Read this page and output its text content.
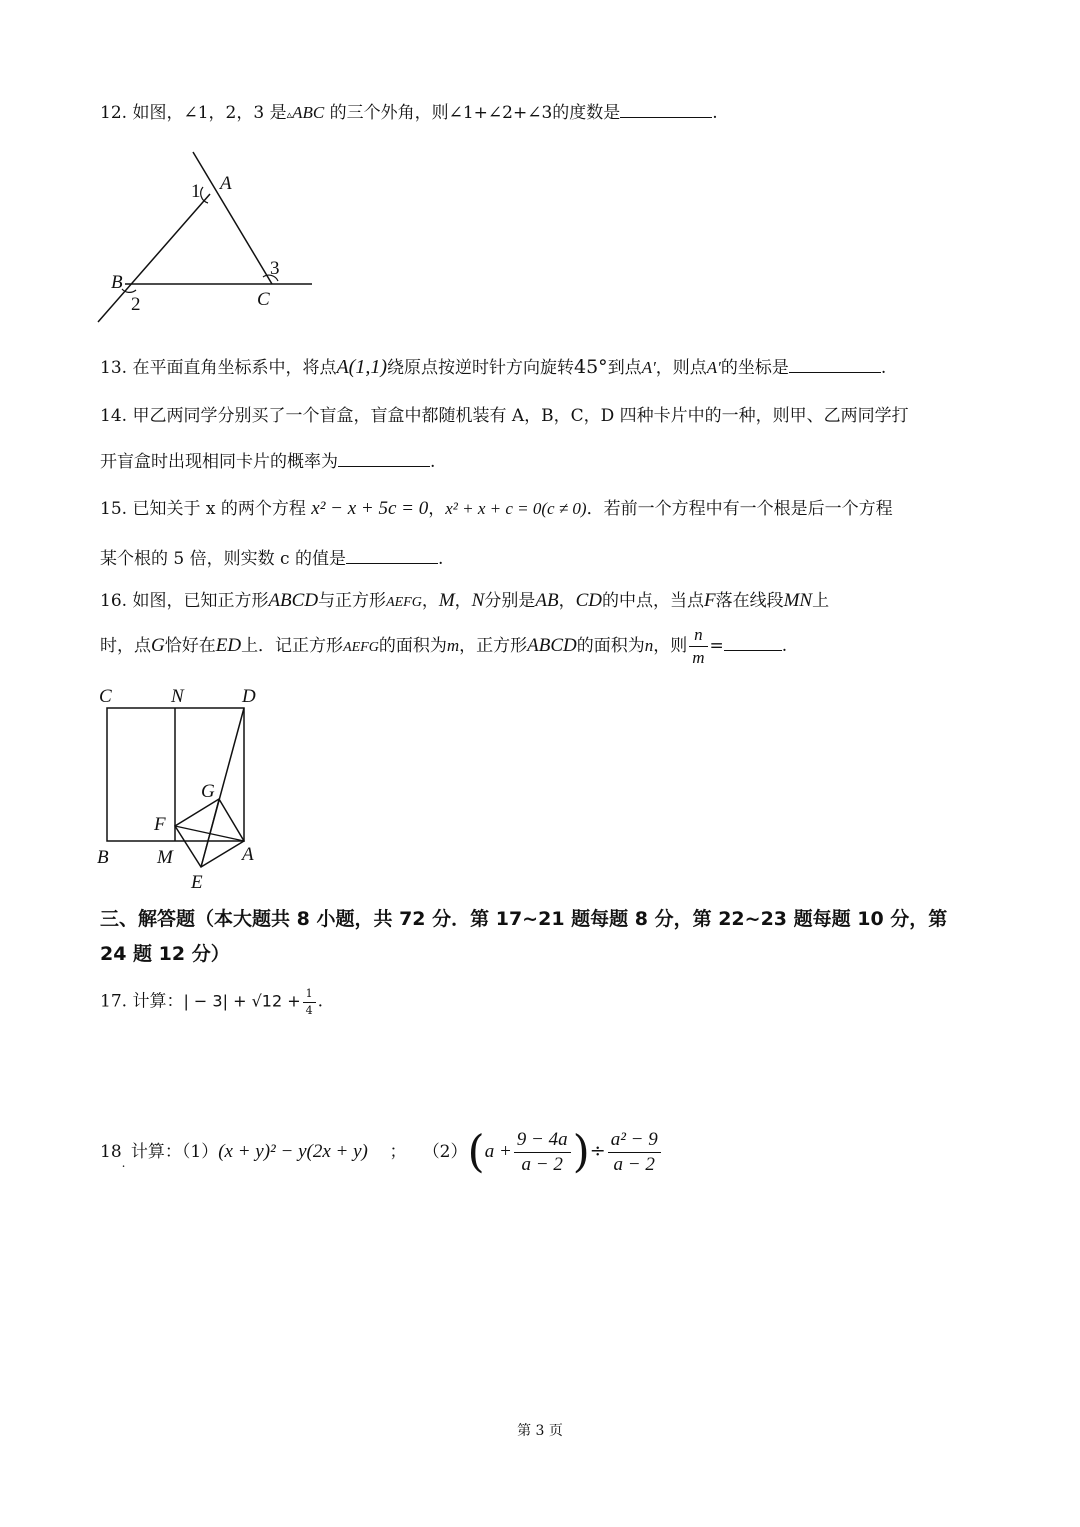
12. 如图，∠1，2，3 是▵ABC 的三个外角，则∠1+∠2+∠3的度数是	.
A
1
B
2	C
3
13. 在平面直角坐标系中，将点A(1,1)绕原点按逆时针方向旋转45°到点A′，则点A′的坐标是	.
14. 甲乙两同学分别买了一个盲盒，盲盒中都随机装有 A，B，C，D 四种卡片中的一种，则甲、乙两同学打
开盲盒时出现相同卡片的概率为	.
15. 已知关于 x 的两个方程 x² − x + 5c = 0，x² + x + c = 0(c ≠ 0)．若前一个方程中有一个根是后一个方程
某个根的 5 倍，则实数 c 的值是	.
16. 如图，已知正方形ABCD与正方形AEFG，M，N分别是AB，CD的中点，当点F落在线段MN上
时，点G恰好在ED上．记正方形AEFG的面积为m，正方形ABCD的面积为n，则 $\frac{n}{m}$ =	.
C	N	D
G
F
B	M	A
E
三、解答题（本大题共 8 小题，共 72 分．第 17~21 题每题 8 分，第 22~23 题每题 10 分，第
24 题 12 分）
17. 计算：| − $3| + √12 + \frac{1}{4}$ .
$18_.$ 计算：（1）(x + y)² − y(2x + y) ； $(2)(a + \frac{9 - 4a}{a - 2}$ )÷ $\frac{\text{a² − 9}}{a - 2}$
第 3 页
